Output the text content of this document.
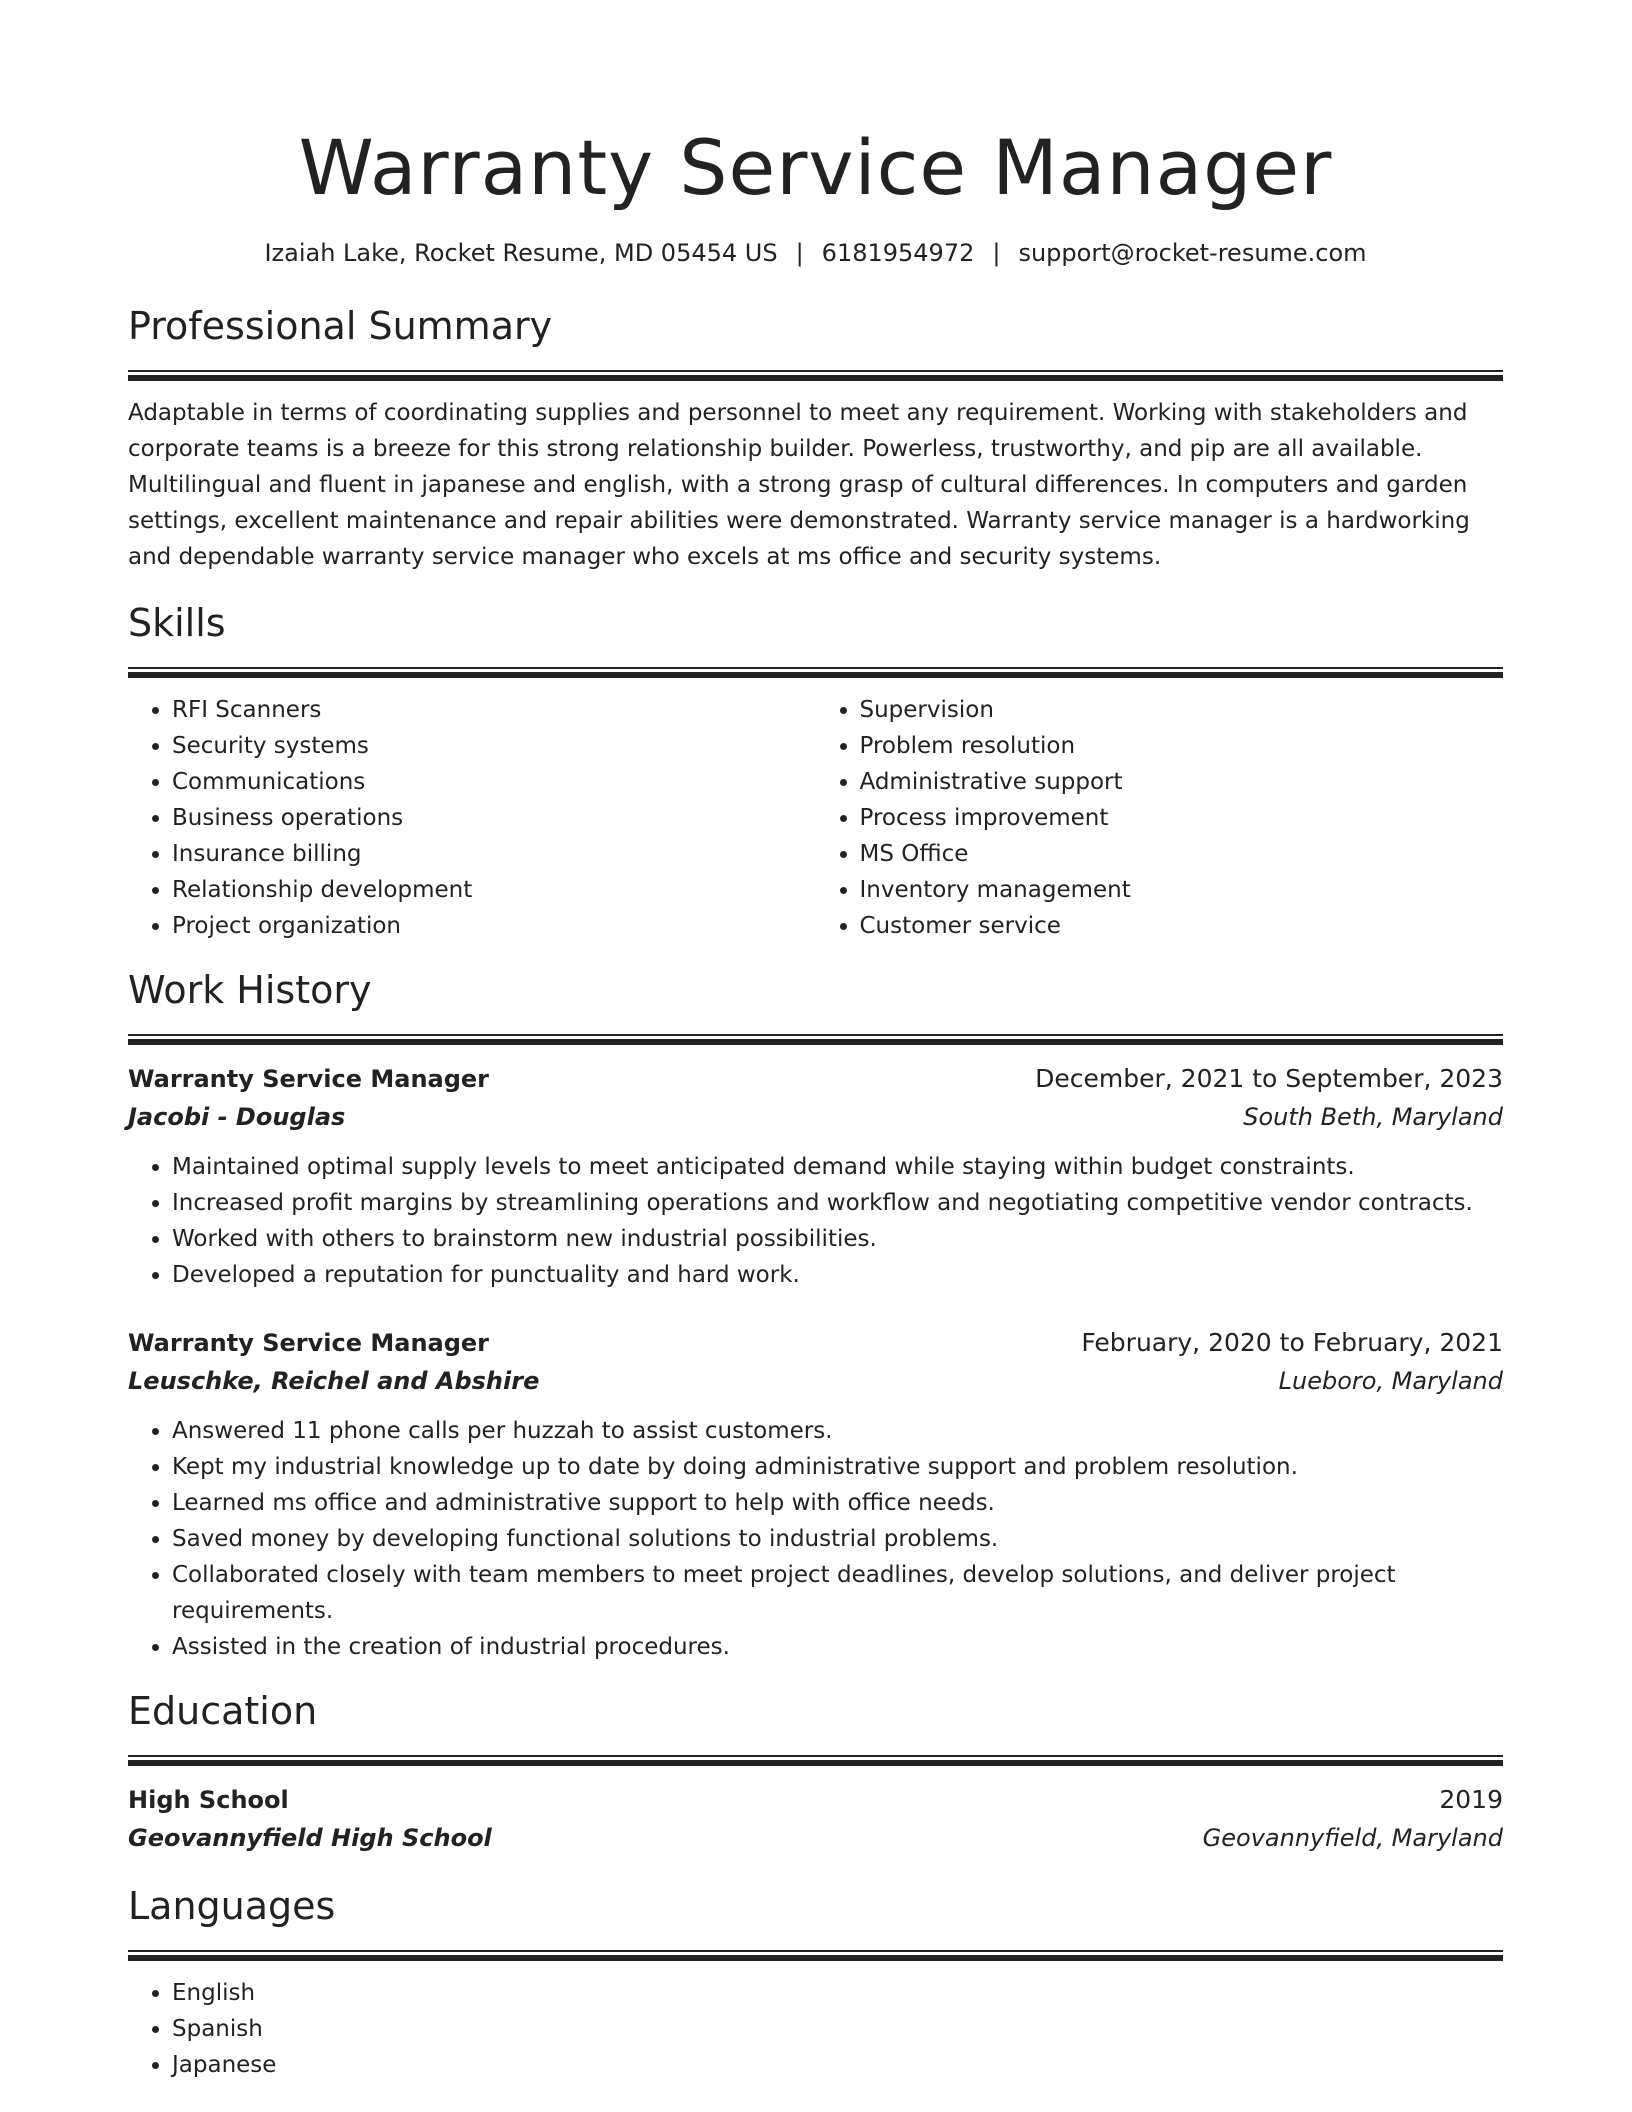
Warranty Service Manager
Izaiah Lake, Rocket Resume, MD 05454 US | 6181954972 | support@rocket-resume.com
Professional Summary

Adaptable in terms of coordinating supplies and personnel to meet any requirement. Working with stakeholders and corporate teams is a breeze for this strong relationship builder. Powerless, trustworthy, and pip are all available. Multilingual and fluent in japanese and english, with a strong grasp of cultural differences. In computers and garden settings, excellent maintenance and repair abilities were demonstrated. Warranty service manager is a hardworking and dependable warranty service manager who excels at ms office and security systems.

Skills
• RFI Scanners
• Security systems
• Communications
• Business operations
• Insurance billing
• Relationship development
• Project organization
• Supervision
• Problem resolution
• Administrative support
• Process improvement
• MS Office
• Inventory management
• Customer service
Work History
Warranty Service Manager	December, 2021 to September, 2023
Jacobi - Douglas	South Beth, Maryland
• Maintained optimal supply levels to meet anticipated demand while staying within budget constraints.
• Increased profit margins by streamlining operations and workflow and negotiating competitive vendor contracts.
• Worked with others to brainstorm new industrial possibilities.
• Developed a reputation for punctuality and hard work.
Warranty Service Manager	February, 2020 to February, 2021
Leuschke, Reichel and Abshire	Lueboro, Maryland
• Answered 11 phone calls per huzzah to assist customers.
• Kept my industrial knowledge up to date by doing administrative support and problem resolution.
• Learned ms office and administrative support to help with office needs.
• Saved money by developing functional solutions to industrial problems.
• Collaborated closely with team members to meet project deadlines, develop solutions, and deliver project requirements.
• Assisted in the creation of industrial procedures.
Education
High School	2019
Geovannyfield High School	Geovannyfield, Maryland
Languages
• English
• Spanish
• Japanese
